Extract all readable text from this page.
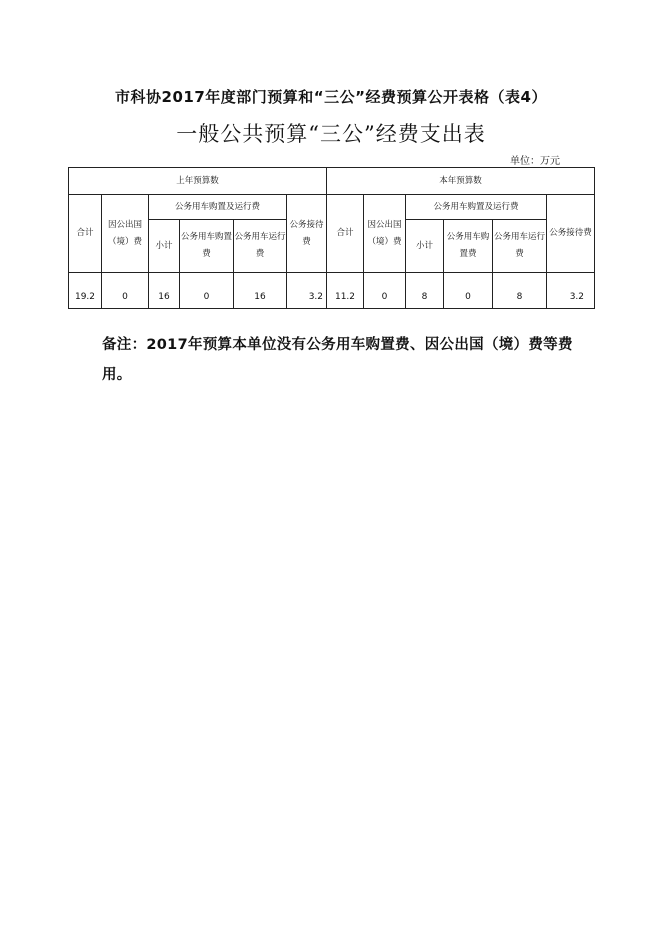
市科协2017年度部门预算和“三公”经费预算公开表格（表4）
一般公共预算“三公”经费支出表
单位：万元
上年预算数						本年预算数					
合计	因公出国（境）费	公务用车购置及运行费			公务接待费	合计	因公出国（境）费	公务用车购置及运行费			公务接待费
		小计	公务用车购置费	公务用车运行费				小计	公务用车购置费	公务用车运行费	
19.2	0	16	0	16	3.2	11.2	0	8	0	8	3.2
备注：2017年预算本单位没有公务用车购置费、因公出国（境）费等费用。
